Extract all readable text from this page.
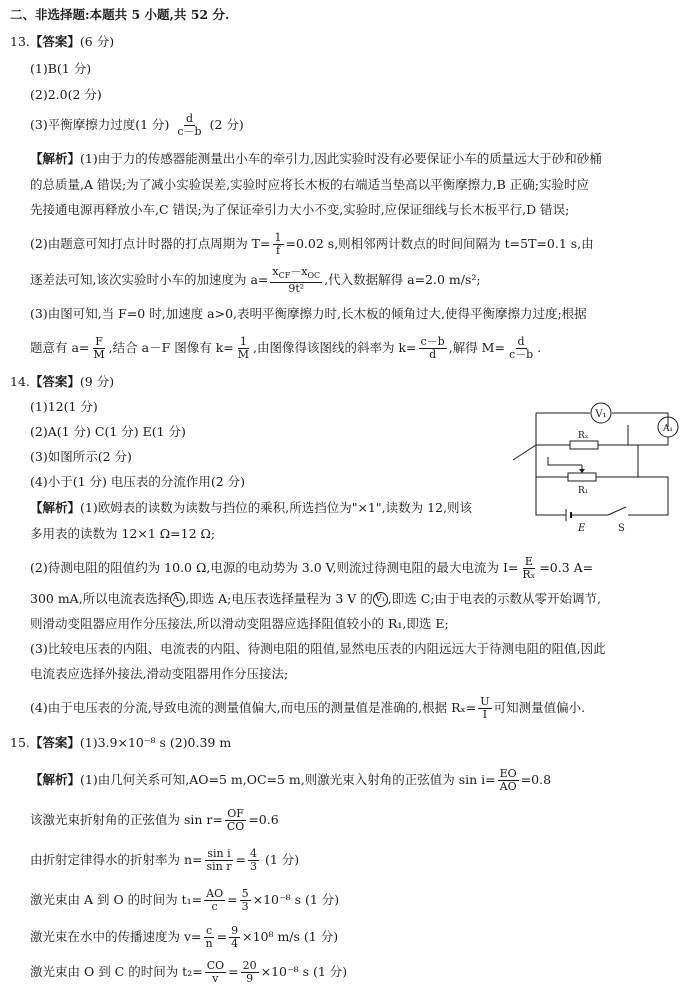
二、非选择题:本题共 5 小题,共 52 分.
13.【答案】(6 分)
(1)B(1 分)
(2)2.0(2 分)
(3)平衡摩擦力过度(1 分) $\frac{d}{c-b} (2$ 分)
【解析】(1)由于力的传感器能测量出小车的牵引力,因此实验时没有必要保证小车的质量远大于砂和砂桶
的总质量,A 错误;为了减小实验误差,实验时应将长木板的右端适当垫高以平衡摩擦力,B 正确;实验时应
先接通电源再释放小车,C 错误;为了保证牵引力大小不变,实验时,应保证细线与长木板平行,D 错误;
(2)由题意可知打点计时器的打点周期为 $T= \frac{1}{f} =0.02$ s,则相邻两计数点的时间间隔为 t=5T=0.1 s,由
逐差法可知,该次实验时小车的加速度为 $a= \frac{x_{CF}-x_{OC}}{\text{9t²}}$ ,代入数据解得 a=2.0 m/s²;
(3)由图可知,当 F=0 时,加速度 a>0,表明平衡摩擦力时,长木板的倾角过大,使得平衡摩擦力过度;根据
题意有 $a= \frac{F}{M}$ ,结合 a－F 图像有 $k= \frac{1}{M}$ ,由图像得该图线的斜率为 $k= \frac{c-b}{d}$ ,解得 $M= \frac{d}{c-b}$ .
14.【答案】(9 分)
(1)12(1 分)
(2)A(1 分) C(1 分) E(1 分)
(3)如图所示(2 分)
(4)小于(1 分) 电压表的分流作用(2 分)
【解析】(1)欧姆表的读数为读数与挡位的乘积,所选挡位为"×1",读数为 12,则该
多用表的读数为 12×1 Ω=12 Ω;
(2)待测电阻的阻值约为 10.0 Ω,电源的电动势为 3.0 V,则流过待测电阻的最大电流为 $I= \frac{E}{\text{Rₓ}} =0.3$ A=
300 mA,所以电流表选择 A₁ ,即选 A;电压表选择量程为 3 V 的 V₁ ,即选 C;由于电表的示数从零开始调节,
则滑动变阻器应用作分压接法,所以滑动变阻器应选择阻值较小的 R₁,即选 E;
(3)比较电压表的内阻、电流表的内阻、待测电阻的阻值,显然电压表的内阻远远大于待测电阻的阻值,因此
电流表应选择外接法,滑动变阻器用作分压接法;
(4)由于电压表的分流,导致电流的测量值偏大,而电压的测量值是准确的,根据 $R_x= \frac{U}{I}$ 可知测量值偏小.
V₁
A₁
Rₓ
R₁
E	S
15.【答案】(1)3.9×10⁻⁸ s (2)0.39 m
【解析】(1)由几何关系可知,AO=5 m,OC=5 m,则激光束入射角的正弦值为 $\sin i= \frac{EO}{AO} =0.8$
该激光束折射角的正弦值为 $\sin r= \frac{OF}{CO} =0.6$
由折射定律得水的折射率为 $n= \frac{\text{sin i}}{\text{sin r}} = \frac{4}{3} (1$ 分)
激光束由 A 到 O 的时间为 $t_1= \frac{AO}{c} = \frac{5}{3} \times 10^{-8}$ s (1 分)
激光束在水中的传播速度为 $v= \frac{c}{n} = \frac{9}{4} \times 10^8$ m/s (1 分)
激光束由 O 到 C 的时间为 $t_2= \frac{CO}{v} = \frac{20}{9} \times 10^{-8}$ s (1 分)
